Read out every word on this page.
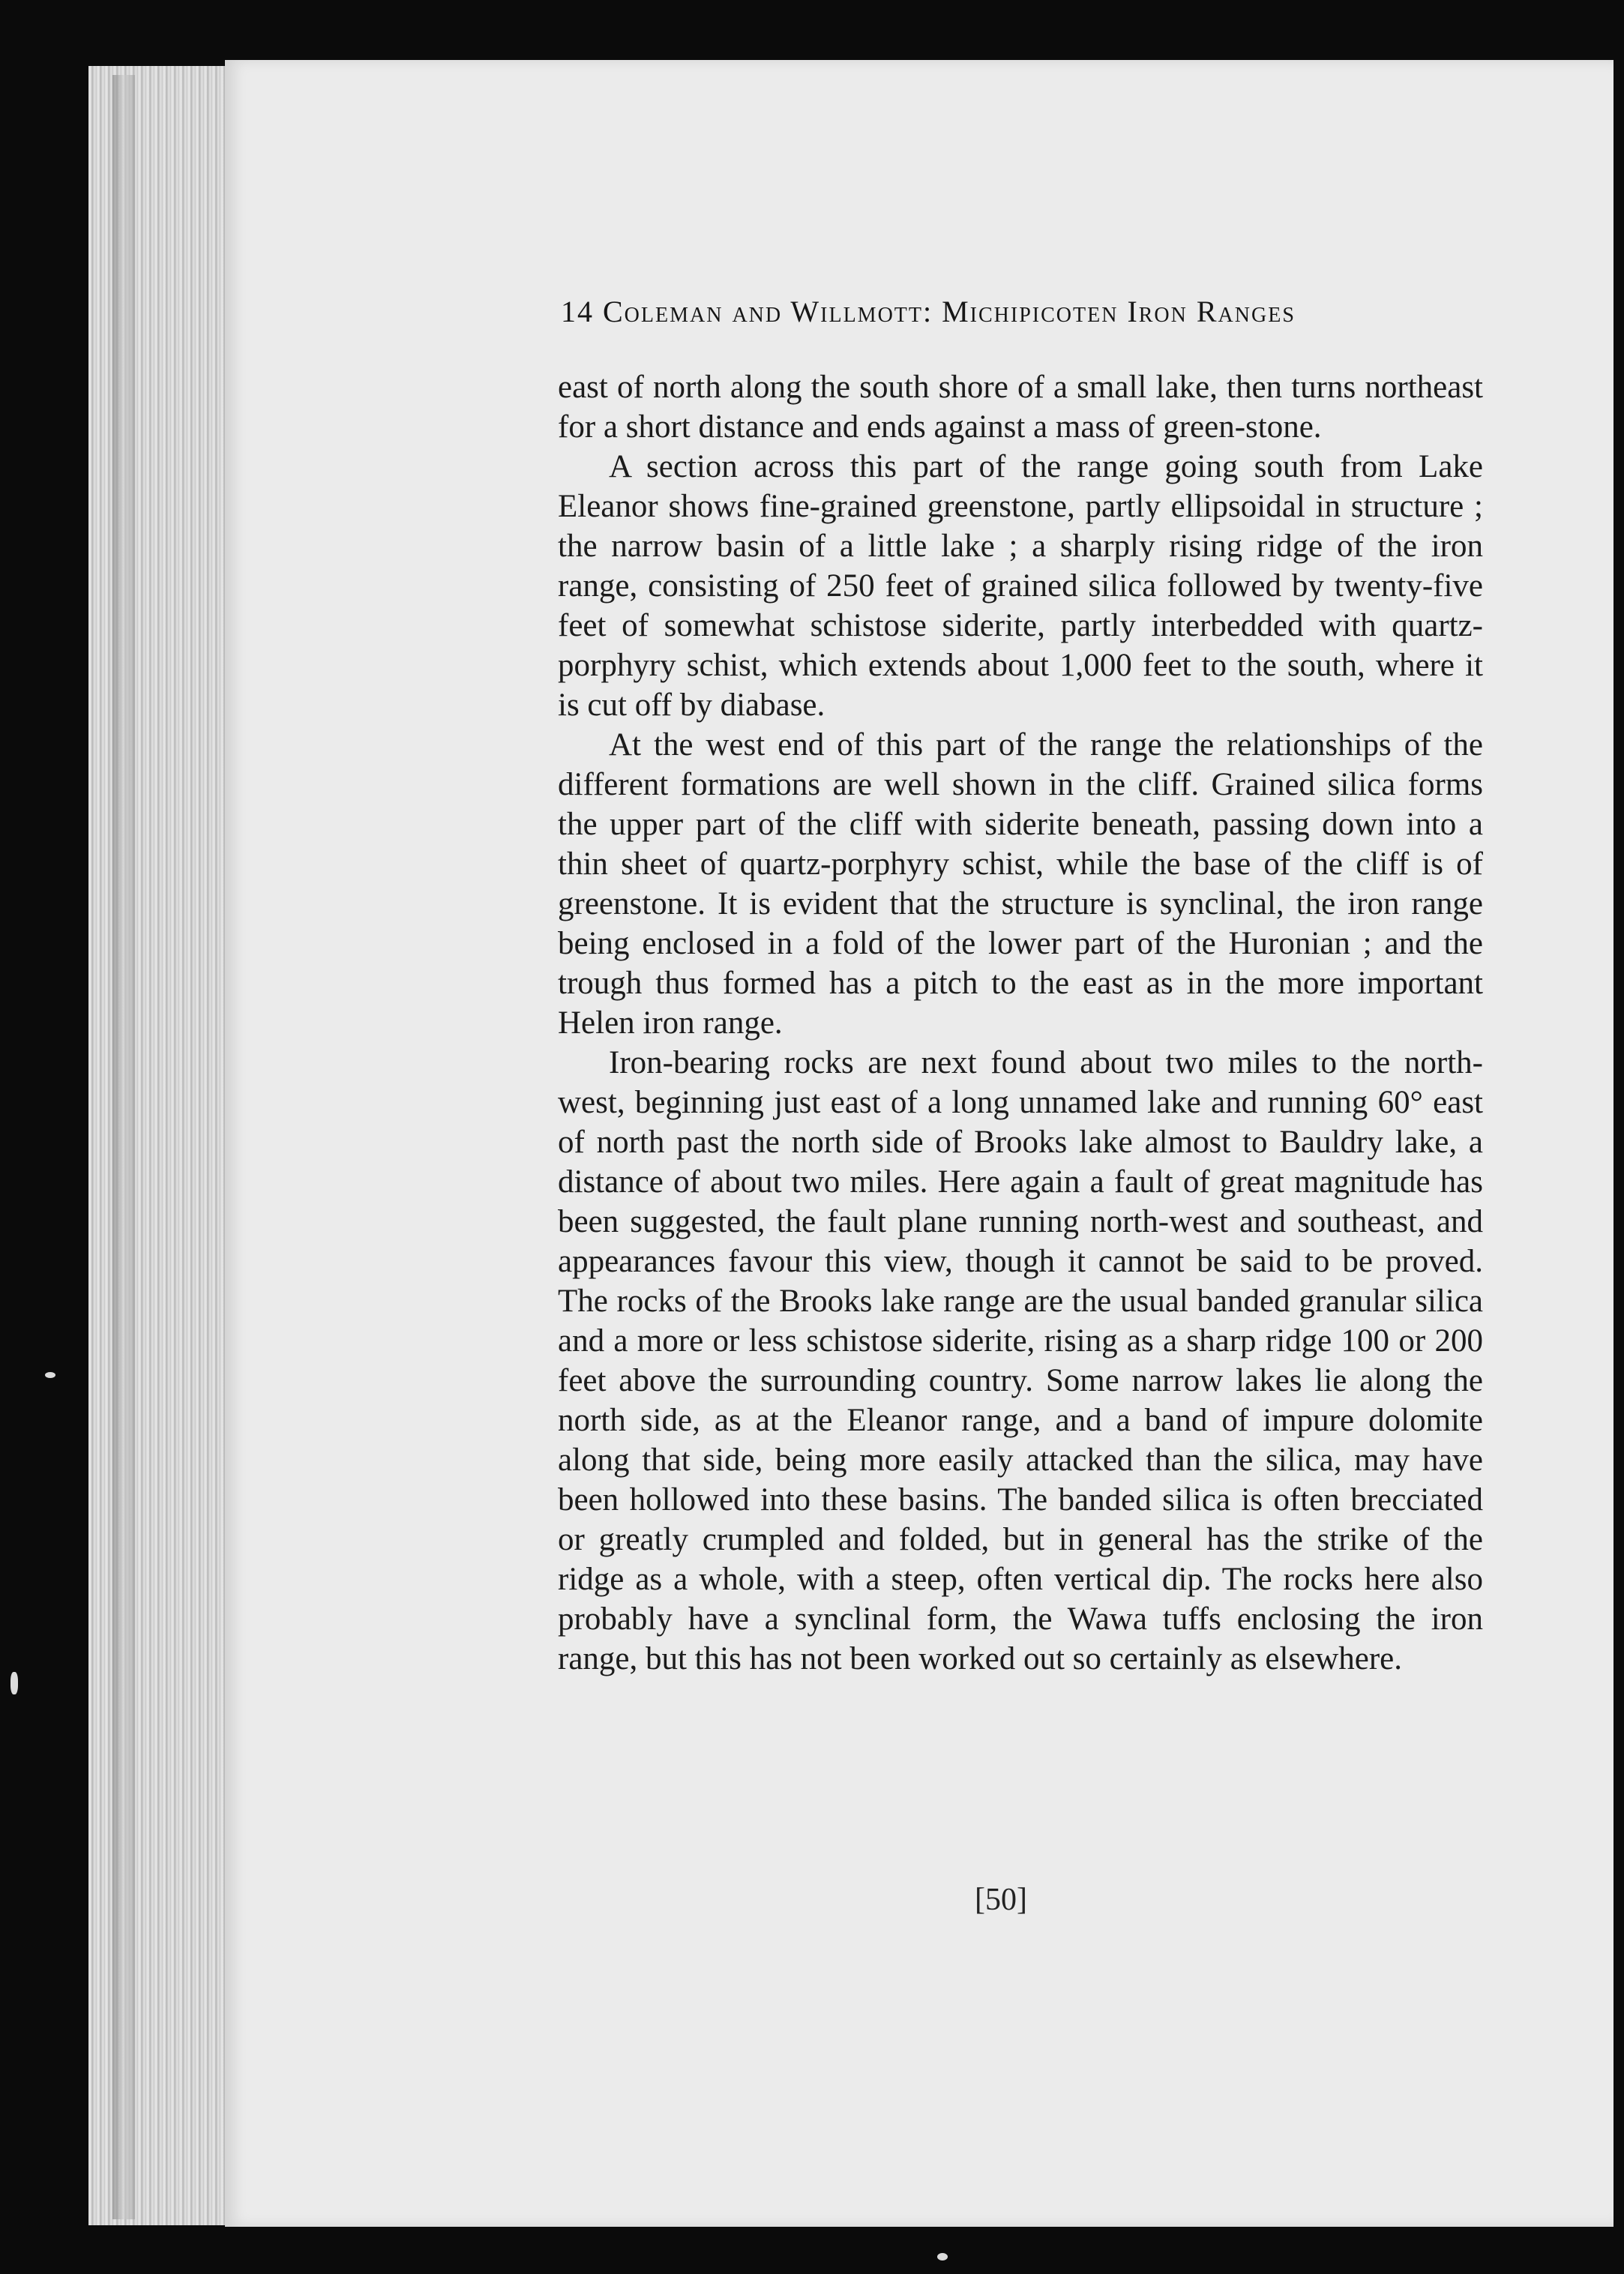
14 Coleman and Willmott: Michipicoten Iron Ranges

east of north along the south shore of a small lake, then turns northeast for a short distance and ends against a mass of green-stone.

A section across this part of the range going south from Lake Eleanor shows fine-grained greenstone, partly ellipsoidal in structure ; the narrow basin of a little lake ; a sharply rising ridge of the iron range, consisting of 250 feet of grained silica followed by twenty-five feet of somewhat schistose siderite, partly interbedded with quartz-porphyry schist, which extends about 1,000 feet to the south, where it is cut off by diabase.

At the west end of this part of the range the relationships of the different formations are well shown in the cliff. Grained silica forms the upper part of the cliff with siderite beneath, passing down into a thin sheet of quartz-porphyry schist, while the base of the cliff is of greenstone. It is evident that the structure is synclinal, the iron range being enclosed in a fold of the lower part of the Huronian ; and the trough thus formed has a pitch to the east as in the more important Helen iron range.

Iron-bearing rocks are next found about two miles to the north-west, beginning just east of a long unnamed lake and running 60° east of north past the north side of Brooks lake almost to Bauldry lake, a distance of about two miles. Here again a fault of great magnitude has been suggested, the fault plane running north-west and southeast, and appearances favour this view, though it cannot be said to be proved. The rocks of the Brooks lake range are the usual banded granular silica and a more or less schistose siderite, rising as a sharp ridge 100 or 200 feet above the surrounding country. Some narrow lakes lie along the north side, as at the Eleanor range, and a band of impure dolomite along that side, being more easily attacked than the silica, may have been hollowed into these basins. The banded silica is often brecciated or greatly crumpled and folded, but in general has the strike of the ridge as a whole, with a steep, often vertical dip. The rocks here also probably have a synclinal form, the Wawa tuffs enclosing the iron range, but this has not been worked out so certainly as elsewhere.

[50]
